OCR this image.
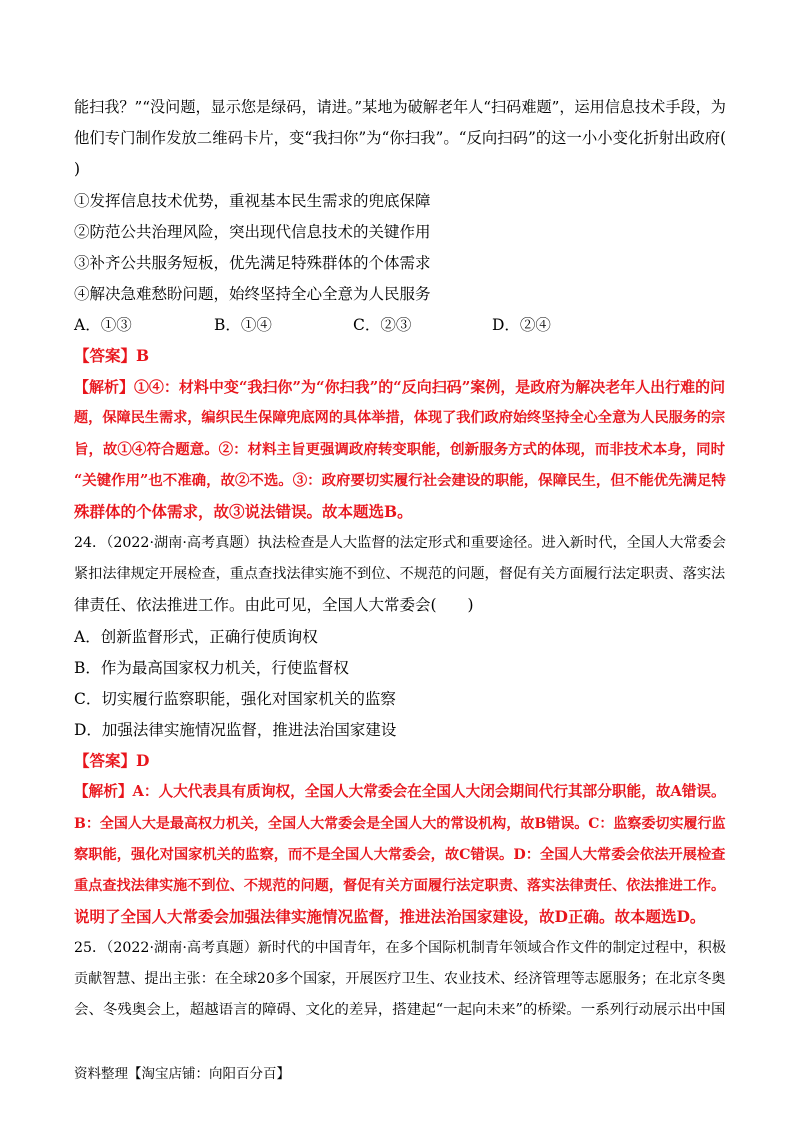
能扫我？”“没问题，显示您是绿码，请进。”某地为破解老年人“扫码难题”，运用信息技术手段，为
他们专门制作发放二维码卡片，变“我扫你”为“你扫我”。“反向扫码”的这一小小变化折射出政府(
)
①发挥信息技术优势，重视基本民生需求的兜底保障
②防范公共治理风险，突出现代信息技术的关键作用
③补齐公共服务短板，优先满足特殊群体的个体需求
④解决急难愁盼问题，始终坚持全心全意为人民服务
A．①③	B．①④	C．②③	D．②④
【答案】B
【解析】①④：材料中变“我扫你”为“你扫我”的“反向扫码”案例，是政府为解决老年人出行难的问
题，保障民生需求，编织民生保障兜底网的具体举措，体现了我们政府始终坚持全心全意为人民服务的宗
旨，故①④符合题意。②：材料主旨更强调政府转变职能，创新服务方式的体现，而非技术本身，同时
“关键作用”也不准确，故②不选。③：政府要切实履行社会建设的职能，保障民生，但不能优先满足特
殊群体的个体需求，故③说法错误。故本题选B。
24．（2022·湖南·高考真题）执法检查是人大监督的法定形式和重要途径。进入新时代，全国人大常委会
紧扣法律规定开展检查，重点查找法律实施不到位、不规范的问题，督促有关方面履行法定职责、落实法
律责任、依法推进工作。由此可见，全国人大常委会(　　)
A．创新监督形式，正确行使质询权
B．作为最高国家权力机关，行使监督权
C．切实履行监察职能，强化对国家机关的监察
D．加强法律实施情况监督，推进法治国家建设
【答案】D
【解析】A：人大代表具有质询权，全国人大常委会在全国人大闭会期间代行其部分职能，故A错误。
B：全国人大是最高权力机关，全国人大常委会是全国人大的常设机构，故B错误。C：监察委切实履行监
察职能，强化对国家机关的监察，而不是全国人大常委会，故C错误。D：全国人大常委会依法开展检查
重点查找法律实施不到位、不规范的问题，督促有关方面履行法定职责、落实法律责任、依法推进工作。
说明了全国人大常委会加强法律实施情况监督，推进法治国家建设，故D正确。故本题选D。
25．（2022·湖南·高考真题）新时代的中国青年，在多个国际机制青年领域合作文件的制定过程中，积极
贡献智慧、提出主张：在全球20多个国家，开展医疗卫生、农业技术、经济管理等志愿服务；在北京冬奥
会、冬残奥会上，超越语言的障碍、文化的差异，搭建起“一起向未来”的桥梁。一系列行动展示出中国
资料整理【淘宝店铺：向阳百分百】
